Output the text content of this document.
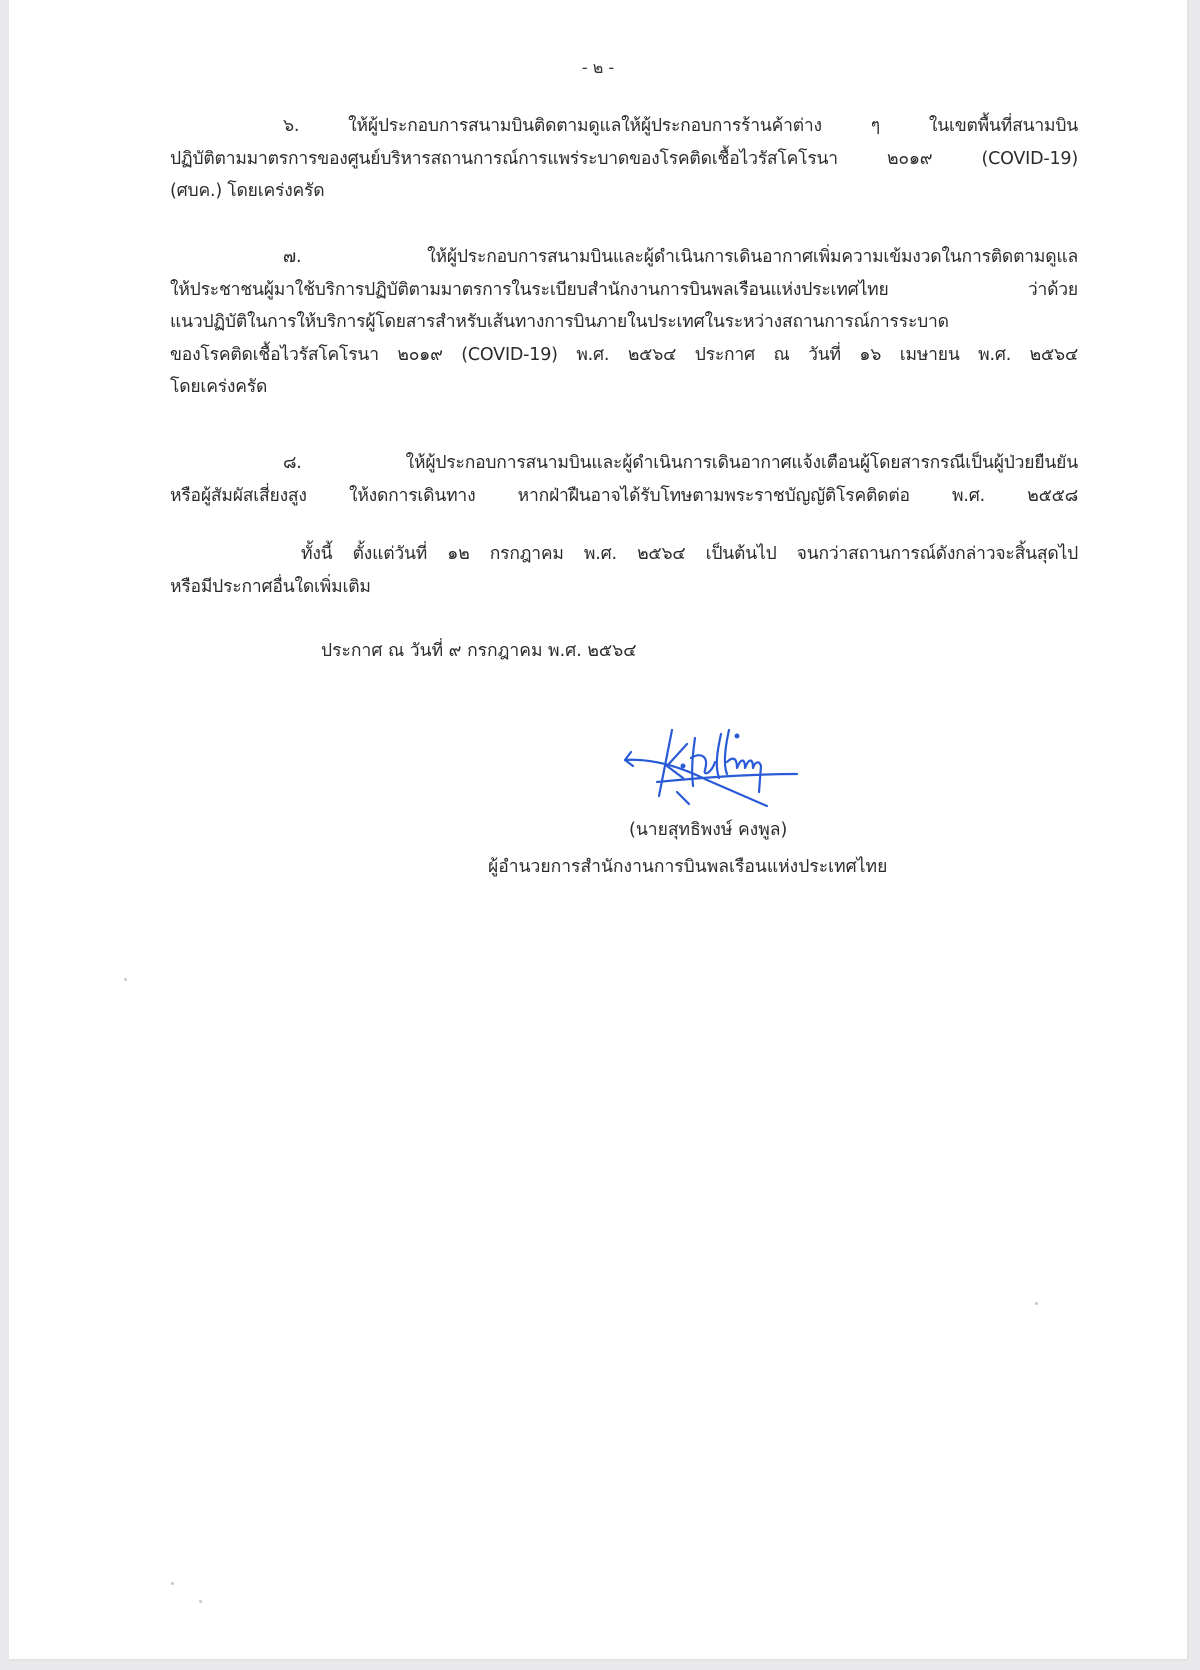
- ๒ -
๖. ให้ผู้ประกอบการสนามบินติดตามดูแลให้ผู้ประกอบการร้านค้าต่าง ๆ ในเขตพื้นที่สนามบิน
ปฏิบัติตามมาตรการของศูนย์บริหารสถานการณ์การแพร่ระบาดของโรคติดเชื้อไวรัสโคโรนา ๒๐๑๙ (COVID-19)
(ศบค.) โดยเคร่งครัด
๗. ให้ผู้ประกอบการสนามบินและผู้ดำเนินการเดินอากาศเพิ่มความเข้มงวดในการติดตามดูแล
ให้ประชาชนผู้มาใช้บริการปฏิบัติตามมาตรการในระเบียบสำนักงานการบินพลเรือนแห่งประเทศไทย ว่าด้วย
แนวปฏิบัติในการให้บริการผู้โดยสารสำหรับเส้นทางการบินภายในประเทศในระหว่างสถานการณ์การระบาด
ของโรคติดเชื้อไวรัสโคโรนา ๒๐๑๙ (COVID-19) พ.ศ. ๒๕๖๔ ประกาศ ณ วันที่ ๑๖ เมษายน พ.ศ. ๒๕๖๔
โดยเคร่งครัด
๘. ให้ผู้ประกอบการสนามบินและผู้ดำเนินการเดินอากาศแจ้งเตือนผู้โดยสารกรณีเป็นผู้ป่วยยืนยัน
หรือผู้สัมผัสเสี่ยงสูง ให้งดการเดินทาง หากฝ่าฝืนอาจได้รับโทษตามพระราชบัญญัติโรคติดต่อ พ.ศ. ๒๕๕๘
ทั้งนี้ ตั้งแต่วันที่ ๑๒ กรกฎาคม พ.ศ. ๒๕๖๔ เป็นต้นไป จนกว่าสถานการณ์ดังกล่าวจะสิ้นสุดไป
หรือมีประกาศอื่นใดเพิ่มเติม
ประกาศ ณ วันที่ ๙ กรกฎาคม พ.ศ. ๒๕๖๔
(นายสุทธิพงษ์ คงพูล)
ผู้อำนวยการสำนักงานการบินพลเรือนแห่งประเทศไทย
